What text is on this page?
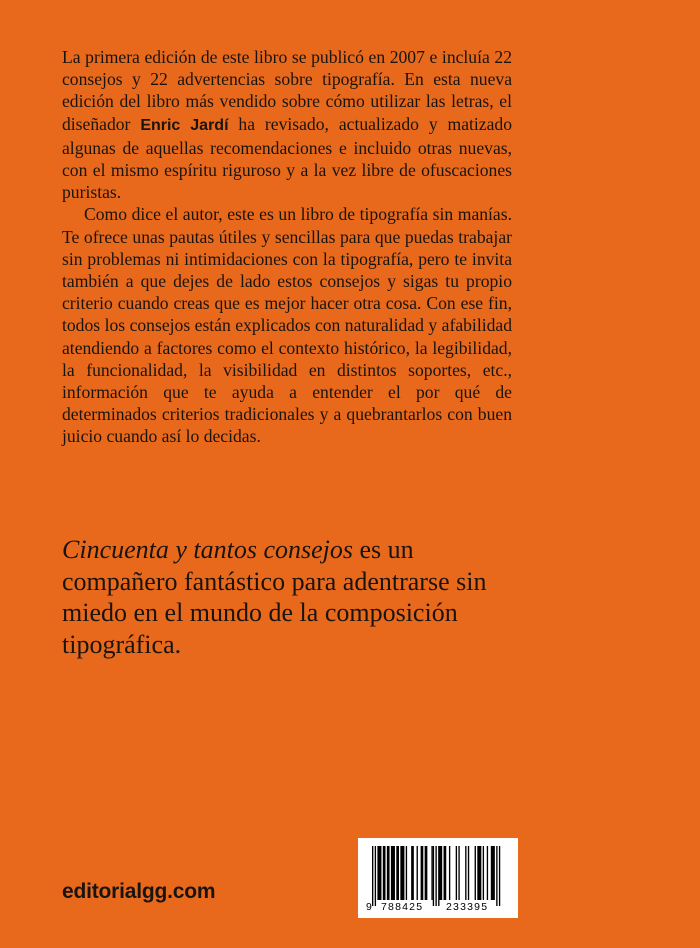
La primera edición de este libro se publicó en 2007 e incluía 22 consejos y 22 advertencias sobre tipografía. En esta nueva edición del libro más vendido sobre cómo utilizar las letras, el diseñador Enric Jardí ha revisado, actualizado y matizado algunas de aquellas recomendaciones e incluido otras nuevas, con el mismo espíritu riguroso y a la vez libre de ofuscaciones puristas.

Como dice el autor, este es un libro de tipografía sin manías. Te ofrece unas pautas útiles y sencillas para que puedas trabajar sin problemas ni intimidaciones con la tipografía, pero te invita también a que dejes de lado estos consejos y sigas tu propio criterio cuando creas que es mejor hacer otra cosa. Con ese fin, todos los consejos están explicados con naturalidad y afabilidad atendiendo a factores como el contexto histórico, la legibilidad, la funcionalidad, la visibilidad en distintos soportes, etc., información que te ayuda a entender el por qué de determinados criterios tradicionales y a quebrantarlos con buen juicio cuando así lo decidas.

Cincuenta y tantos consejos es un compañero fantástico para adentrarse sin miedo en el mundo de la composición tipográfica.

editorialgg.com
9 788425 233395
